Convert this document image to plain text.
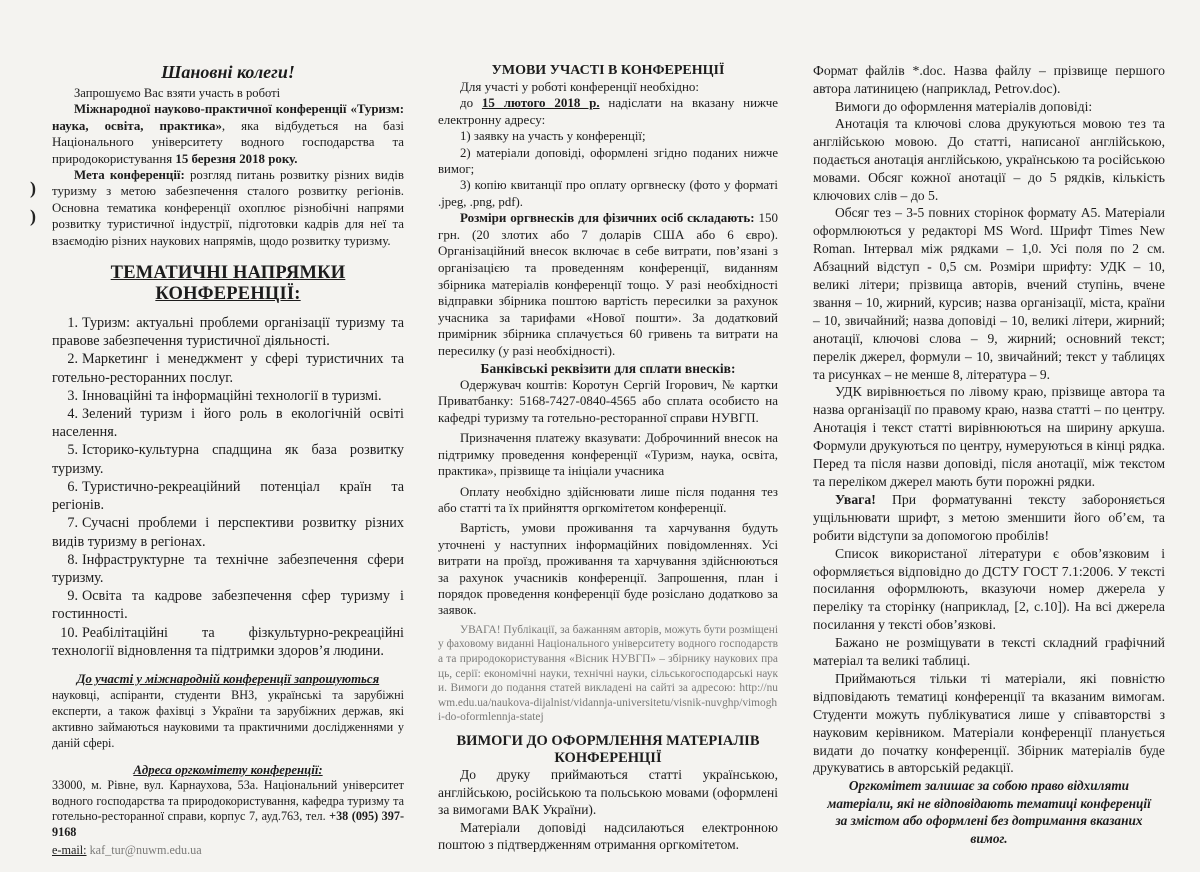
)
)

Шановні колеги!

Запрошуємо Вас взяти участь в роботі

Міжнародної науково-практичної конференції «Туризм: наука, освіта, практика», яка відбудеться на базі Національного університету водного господарства та природокористування 15 березня 2018 року.

Мета конференції: розгляд питань розвитку різних видів туризму з метою забезпечення сталого розвитку регіонів. Основна тематика конференції охоплює різнобічні напрями розвитку туристичної індустрії, підготовки кадрів для неї та взаємодію різних наукових напрямів, щодо розвитку туризму.

ТЕМАТИЧНІ НАПРЯМКИ КОНФЕРЕНЦІЇ:

1. Туризм: актуальні проблеми організації туризму та правове забезпечення туристичної діяльності.
2. Маркетинг і менеджмент у сфері туристичних та готельно-ресторанних послуг.
3. Інноваційні та інформаційні технології в туризмі.
4. Зелений туризм і його роль в екологічній освіті населення.
5. Історико-культурна спадщина як база розвитку туризму.
6. Туристично-рекреаційний потенціал країн та регіонів.
7. Сучасні проблеми і перспективи розвитку різних видів туризму в регіонах.
8. Інфраструктурне та технічне забезпечення сфери туризму.
9. Освіта та кадрове забезпечення сфер туризму і гостинності.
10. Реабілітаційні та фізкультурно-рекреаційні технології відновлення та підтримки здоров’я людини.

До участі у міжнародній конференції запрошуються

науковці, аспіранти, студенти ВНЗ, українські та зарубіжні експерти, а також фахівці з України та зарубіжних держав, які активно займаються науковими та практичними дослідженнями у даній сфері.

Адреса оргкомітету конференції:

33000, м. Рівне, вул. Карнаухова, 53а. Національний університет водного господарства та природокористування, кафедра туризму та готельно-ресторанної справи, корпус 7, ауд.763, тел. +38 (095) 397-9168

e-mail: kaf_tur@nuwm.edu.ua

УМОВИ УЧАСТІ В КОНФЕРЕНЦІЇ

Для участі у роботі конференції необхідно:

до 15 лютого 2018 р. надіслати на вказану нижче електронну адресу:

1) заявку на участь у конференції;

2) матеріали доповіді, оформлені згідно поданих нижче вимог;

3) копію квитанції про оплату оргвнеску (фото у форматі .jpeg, .png, pdf).

Розміри оргвнесків для фізичних осіб складають: 150 грн. (20 злотих або 7 доларів США або 6 євро). Організаційний внесок включає в себе витрати, пов’язані з організацією та проведенням конференції, виданням збірника матеріалів конференції тощо. У разі необхідності відправки збірника поштою вартість пересилки за рахунок учасника за тарифами «Нової пошти». За додатковий примірник збірника сплачується 60 гривень та витрати на пересилку (у разі необхідності).

Банківські реквізити для сплати внесків:

Одержувач коштів: Коротун Сергій Ігорович, № картки Приватбанку: 5168-7427-0840-4565 або сплата особисто на кафедрі туризму та готельно-ресторанної справи НУВГП.

Призначення платежу вказувати: Доброчинний внесок на підтримку проведення конференції «Туризм, наука, освіта, практика», прізвище та ініціали учасника

Оплату необхідно здійснювати лише після подання тез або статті та їх прийняття оргкомітетом конференції.

Вартість, умови проживання та харчування будуть уточнені у наступних інформаційних повідомленнях. Усі витрати на проїзд, проживання та харчування здійснюються за рахунок учасників конференції. Запрошення, план і порядок проведення конференції буде розіслано додатково за заявок.

УВАГА! Публікації, за бажанням авторів, можуть бути розміщені у фаховому виданні Національного університету водного господарства та природокористування «Вісник НУВГП» – збірнику наукових праць, серії: економічні науки, технічні науки, сільськогосподарські науки. Вимоги до подання статей викладені на сайті за адресою: http://nuwm.edu.ua/naukova-dijalnist/vidannja-universitetu/visnik-nuvghp/vimoghi-do-oformlennja-statej

ВИМОГИ ДО ОФОРМЛЕННЯ МАТЕРІАЛІВ КОНФЕРЕНЦІЇ

До друку приймаються статті українською, англійською, російською та польською мовами (оформлені за вимогами ВАК України).

Матеріали доповіді надсилаються електронною поштою з підтвердженням отримання оргкомітетом.

Формат файлів *.doc. Назва файлу – прізвище першого автора латиницею (наприклад, Petrov.doc).

Вимоги до оформлення матеріалів доповіді:

Анотація та ключові слова друкуються мовою тез та англійською мовою. До статті, написаної англійською, подається анотація англійською, українською та російською мовами. Обсяг кожної анотації – до 5 рядків, кількість ключових слів – до 5.

Обсяг тез – 3-5 повних сторінок формату А5. Матеріали оформлюються у редакторі MS Word. Шрифт Times New Roman. Інтервал між рядками – 1,0. Усі поля по 2 см. Абзацний відступ - 0,5 см. Розміри шрифту: УДК – 10, великі літери; прізвища авторів, вчений ступінь, вчене звання – 10, жирний, курсив; назва організації, міста, країни – 10, звичайний; назва доповіді – 10, великі літери, жирний; анотації, ключові слова – 9, жирний; основний текст; перелік джерел, формули – 10, звичайний; текст у таблицях та рисунках – не менше 8, література – 9.

УДК вирівнюється по лівому краю, прізвище автора та назва організації по правому краю, назва статті – по центру. Анотація і текст статті вирівнюються на ширину аркуша. Формули друкуються по центру, нумеруються в кінці рядка. Перед та після назви доповіді, після анотації, між текстом та переліком джерел мають бути порожні рядки.

Увага! При форматуванні тексту забороняється ущільнювати шрифт, з метою зменшити його об’єм, та робити відступи за допомогою пробілів!

Список використаної літератури є обов’язковим і оформляється відповідно до ДСТУ ГОСТ 7.1:2006. У тексті посилання оформлюють, вказуючи номер джерела у переліку та сторінку (наприклад, [2, с.10]). На всі джерела посилання у тексті обов’язкові.

Бажано не розміщувати в тексті складний графічний матеріал та великі таблиці.

Приймаються тільки ті матеріали, які повністю відповідають тематиці конференції та вказаним вимогам. Студенти можуть публікуватися лише у співавторстві з науковим керівником. Матеріали конференції планується видати до початку конференції. Збірник матеріалів буде друкуватись в авторській редакції.

Оргкомітет залишає за собою право відхиляти матеріали, які не відповідають тематиці конференції за змістом або оформлені без дотримання вказаних вимог.
